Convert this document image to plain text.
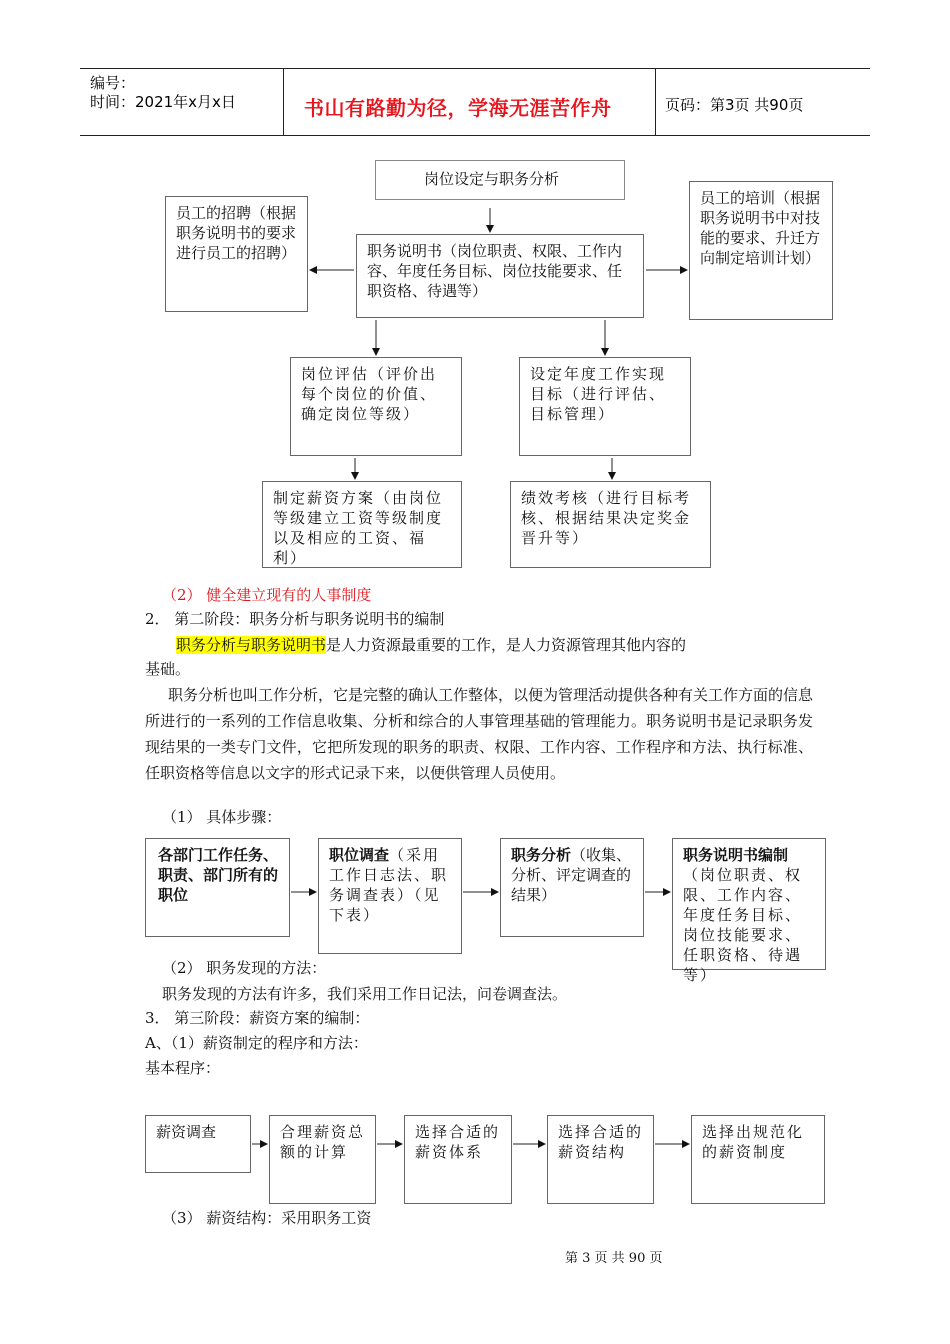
编号：
时间：2021年x月x日	书山有路勤为径，学海无涯苦作舟	页码：第3页 共90页
岗位设定与职务分析
员工的招聘（根据职务说明书的要求进行员工的招聘）	职务说明书（岗位职责、权限、工作内容、年度任务目标、岗位技能要求、任职资格、待遇等）
员工的培训（根据职务说明书中对技能的要求、升迁方向制定培训计划）
岗位评估（评价出每个岗位的价值、确定岗位等级）
设定年度工作实现目标（进行评估、目标管理）
制定薪资方案（由岗位等级建立工资等级制度以及相应的工资、福利）
绩效考核（进行目标考核、根据结果决定奖金晋升等）
（2） 健全建立现有的人事制度
2． 第二阶段：职务分析与职务说明书的编制
职务分析与职务说明书是人力资源最重要的工作，是人力资源管理其他内容的
基础。
职务分析也叫工作分析，它是完整的确认工作整体，以便为管理活动提供各种有关工作方面的信息所进行的一系列的工作信息收集、分析和综合的人事管理基础的管理能力。职务说明书是记录职务发现结果的一类专门文件，它把所发现的职务的职责、权限、工作内容、工作程序和方法、执行标准、任职资格等信息以文字的形式记录下来，以便供管理人员使用。
（1） 具体步骤：
各部门工作任务、职责、部门所有的职位
职位调查（采用工作日志法、职务调查表）（见下表）
职务分析（收集、分析、评定调查的结果）
职务说明书编制（岗位职责、权限、工作内容、年度任务目标、岗位技能要求、任职资格、待遇等）
（2） 职务发现的方法：
职务发现的方法有许多，我们采用工作日记法，问卷调查法。
3． 第三阶段：薪资方案的编制：
A、（1）薪资制定的程序和方法：
基本程序：
薪资调查	合理薪资总额的计算
选择合适的薪资体系
选择合适的薪资结构
选择出规范化的薪资制度
（3） 薪资结构：采用职务工资
第 3 页 共 90 页
